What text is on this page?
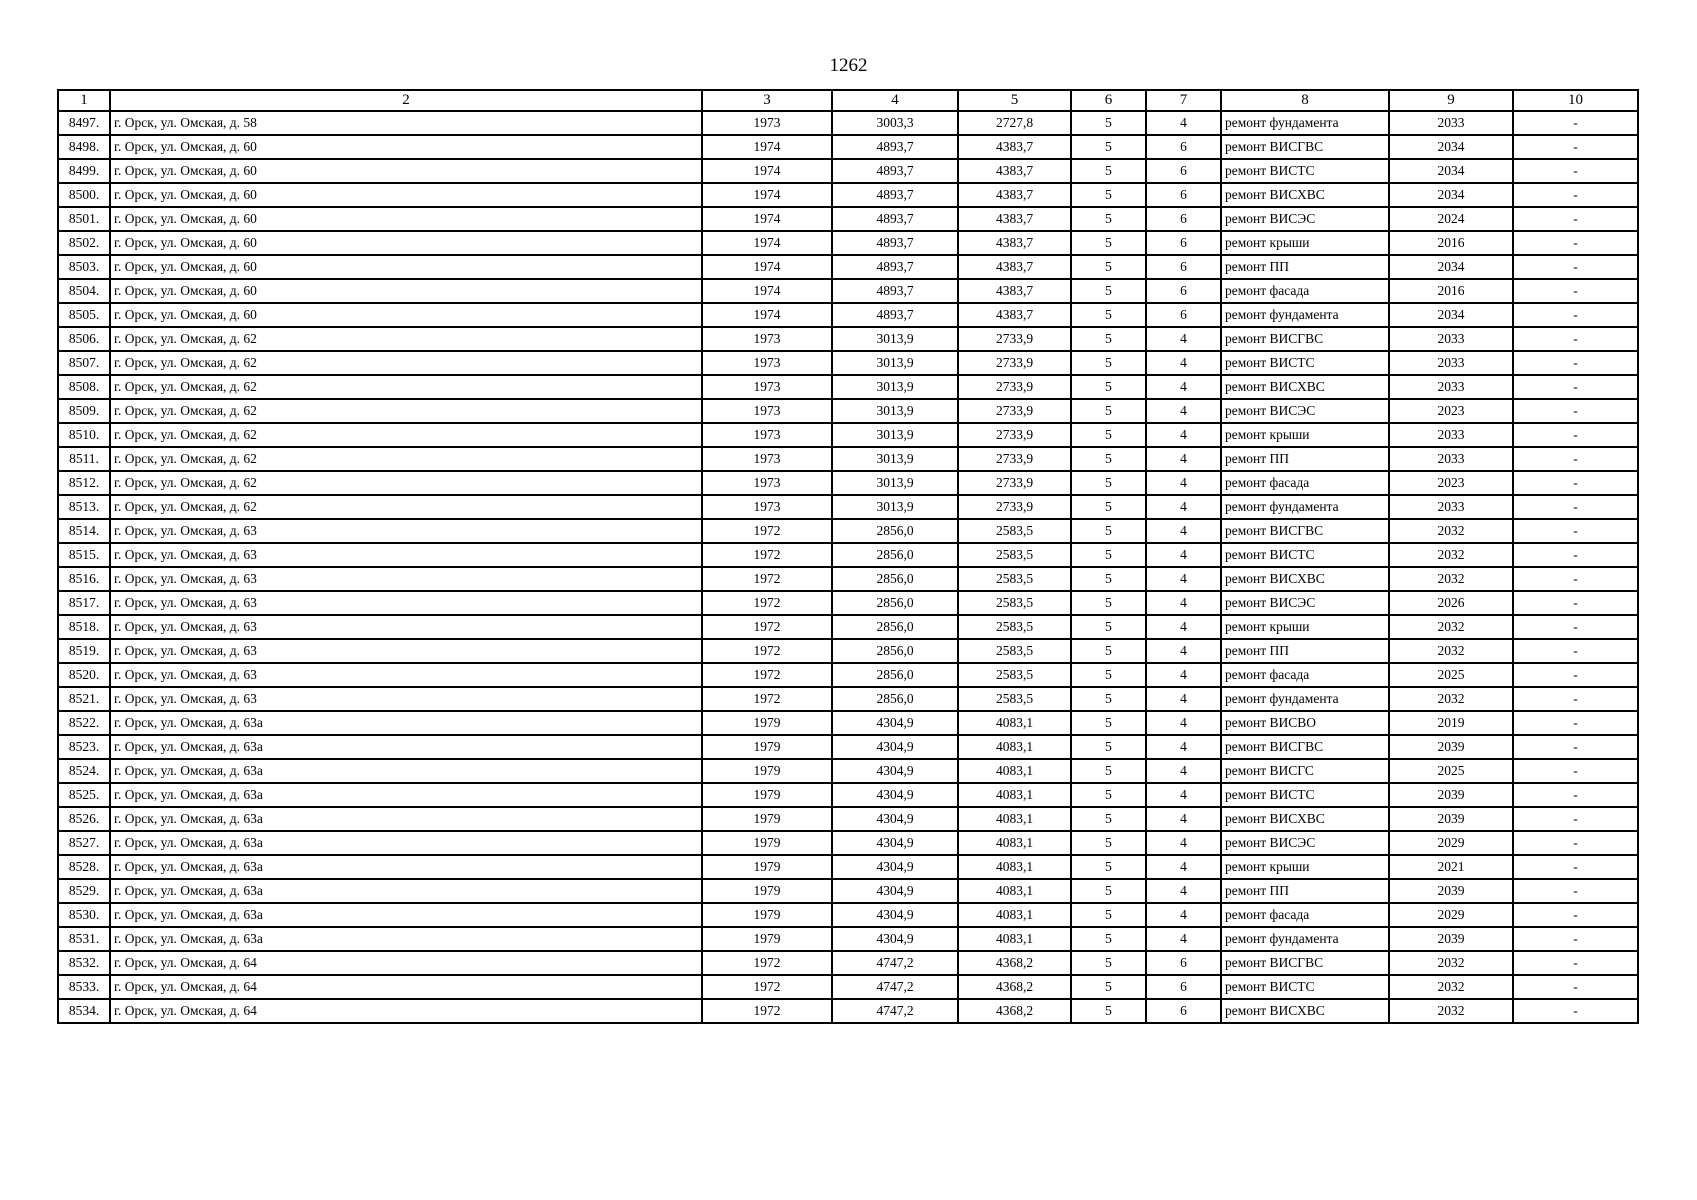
1262
1	2	3	4	5	6	7	8	9	10
8497.	г. Орск, ул. Омская, д. 58	1973	3003,3	2727,8	5	4	ремонт фундамента	2033	-
8498.	г. Орск, ул. Омская, д. 60	1974	4893,7	4383,7	5	6	ремонт ВИСГВС	2034	-
8499.	г. Орск, ул. Омская, д. 60	1974	4893,7	4383,7	5	6	ремонт ВИСТС	2034	-
8500.	г. Орск, ул. Омская, д. 60	1974	4893,7	4383,7	5	6	ремонт ВИСХВС	2034	-
8501.	г. Орск, ул. Омская, д. 60	1974	4893,7	4383,7	5	6	ремонт ВИСЭС	2024	-
8502.	г. Орск, ул. Омская, д. 60	1974	4893,7	4383,7	5	6	ремонт крыши	2016	-
8503.	г. Орск, ул. Омская, д. 60	1974	4893,7	4383,7	5	6	ремонт ПП	2034	-
8504.	г. Орск, ул. Омская, д. 60	1974	4893,7	4383,7	5	6	ремонт фасада	2016	-
8505.	г. Орск, ул. Омская, д. 60	1974	4893,7	4383,7	5	6	ремонт фундамента	2034	-
8506.	г. Орск, ул. Омская, д. 62	1973	3013,9	2733,9	5	4	ремонт ВИСГВС	2033	-
8507.	г. Орск, ул. Омская, д. 62	1973	3013,9	2733,9	5	4	ремонт ВИСТС	2033	-
8508.	г. Орск, ул. Омская, д. 62	1973	3013,9	2733,9	5	4	ремонт ВИСХВС	2033	-
8509.	г. Орск, ул. Омская, д. 62	1973	3013,9	2733,9	5	4	ремонт ВИСЭС	2023	-
8510.	г. Орск, ул. Омская, д. 62	1973	3013,9	2733,9	5	4	ремонт крыши	2033	-
8511.	г. Орск, ул. Омская, д. 62	1973	3013,9	2733,9	5	4	ремонт ПП	2033	-
8512.	г. Орск, ул. Омская, д. 62	1973	3013,9	2733,9	5	4	ремонт фасада	2023	-
8513.	г. Орск, ул. Омская, д. 62	1973	3013,9	2733,9	5	4	ремонт фундамента	2033	-
8514.	г. Орск, ул. Омская, д. 63	1972	2856,0	2583,5	5	4	ремонт ВИСГВС	2032	-
8515.	г. Орск, ул. Омская, д. 63	1972	2856,0	2583,5	5	4	ремонт ВИСТС	2032	-
8516.	г. Орск, ул. Омская, д. 63	1972	2856,0	2583,5	5	4	ремонт ВИСХВС	2032	-
8517.	г. Орск, ул. Омская, д. 63	1972	2856,0	2583,5	5	4	ремонт ВИСЭС	2026	-
8518.	г. Орск, ул. Омская, д. 63	1972	2856,0	2583,5	5	4	ремонт крыши	2032	-
8519.	г. Орск, ул. Омская, д. 63	1972	2856,0	2583,5	5	4	ремонт ПП	2032	-
8520.	г. Орск, ул. Омская, д. 63	1972	2856,0	2583,5	5	4	ремонт фасада	2025	-
8521.	г. Орск, ул. Омская, д. 63	1972	2856,0	2583,5	5	4	ремонт фундамента	2032	-
8522.	г. Орск, ул. Омская, д. 63а	1979	4304,9	4083,1	5	4	ремонт ВИСВО	2019	-
8523.	г. Орск, ул. Омская, д. 63а	1979	4304,9	4083,1	5	4	ремонт ВИСГВС	2039	-
8524.	г. Орск, ул. Омская, д. 63а	1979	4304,9	4083,1	5	4	ремонт ВИСГС	2025	-
8525.	г. Орск, ул. Омская, д. 63а	1979	4304,9	4083,1	5	4	ремонт ВИСТС	2039	-
8526.	г. Орск, ул. Омская, д. 63а	1979	4304,9	4083,1	5	4	ремонт ВИСХВС	2039	-
8527.	г. Орск, ул. Омская, д. 63а	1979	4304,9	4083,1	5	4	ремонт ВИСЭС	2029	-
8528.	г. Орск, ул. Омская, д. 63а	1979	4304,9	4083,1	5	4	ремонт крыши	2021	-
8529.	г. Орск, ул. Омская, д. 63а	1979	4304,9	4083,1	5	4	ремонт ПП	2039	-
8530.	г. Орск, ул. Омская, д. 63а	1979	4304,9	4083,1	5	4	ремонт фасада	2029	-
8531.	г. Орск, ул. Омская, д. 63а	1979	4304,9	4083,1	5	4	ремонт фундамента	2039	-
8532.	г. Орск, ул. Омская, д. 64	1972	4747,2	4368,2	5	6	ремонт ВИСГВС	2032	-
8533.	г. Орск, ул. Омская, д. 64	1972	4747,2	4368,2	5	6	ремонт ВИСТС	2032	-
8534.	г. Орск, ул. Омская, д. 64	1972	4747,2	4368,2	5	6	ремонт ВИСХВС	2032	-
